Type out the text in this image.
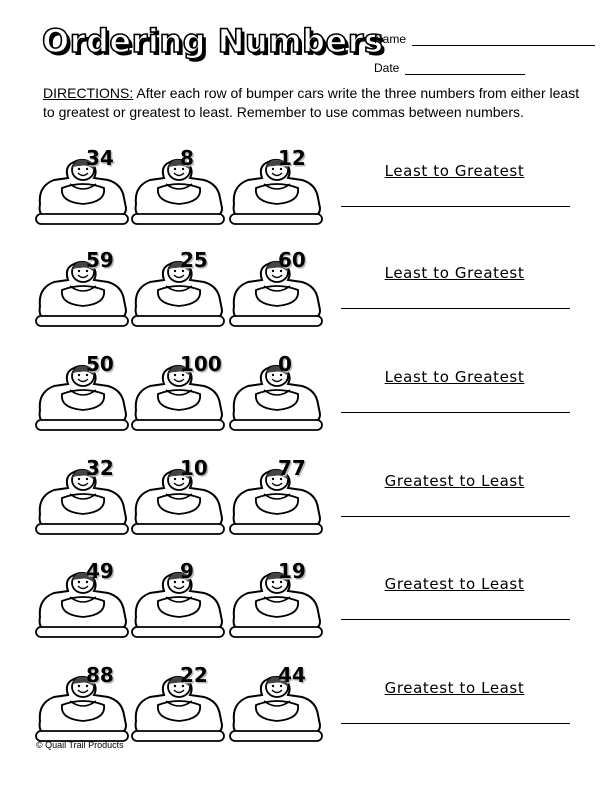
Ordering Numbers
Name
Date
DIRECTIONS: After each row of bumper cars write the three numbers from either least to greatest or greatest to least. Remember to use commas between numbers.
34	8	12
Least to Greatest
59	25	60
Least to Greatest
50	100	0
Least to Greatest
32	10	77
Greatest to Least
49	9	19
Greatest to Least
88	22	44
Greatest to Least
© Quail Trail Products
